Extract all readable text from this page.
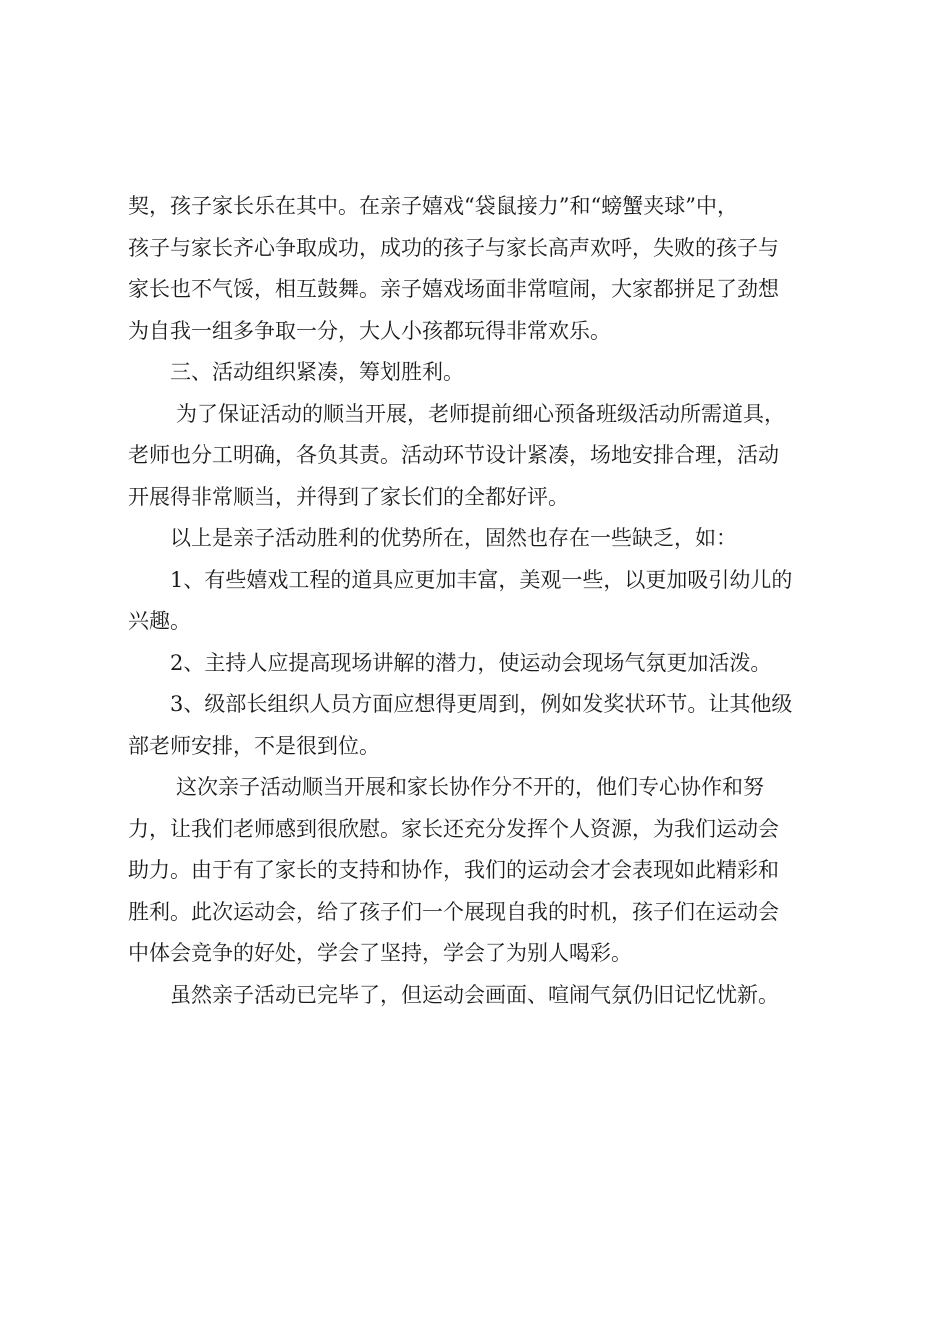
契，孩子家长乐在其中。在亲子嬉戏“袋鼠接力”和“螃蟹夹球”中，
孩子与家长齐心争取成功，成功的孩子与家长高声欢呼，失败的孩子与
家长也不气馁，相互鼓舞。亲子嬉戏场面非常喧闹，大家都拼足了劲想
为自我一组多争取一分，大人小孩都玩得非常欢乐。
三、活动组织紧凑，筹划胜利。
为了保证活动的顺当开展，老师提前细心预备班级活动所需道具，
老师也分工明确，各负其责。活动环节设计紧凑，场地安排合理，活动
开展得非常顺当，并得到了家长们的全都好评。
以上是亲子活动胜利的优势所在，固然也存在一些缺乏，如：
1、有些嬉戏工程的道具应更加丰富，美观一些，以更加吸引幼儿的
兴趣。
2、主持人应提高现场讲解的潜力，使运动会现场气氛更加活泼。
3、级部长组织人员方面应想得更周到，例如发奖状环节。让其他级
部老师安排，不是很到位。
这次亲子活动顺当开展和家长协作分不开的，他们专心协作和努
力，让我们老师感到很欣慰。家长还充分发挥个人资源，为我们运动会
助力。由于有了家长的支持和协作，我们的运动会才会表现如此精彩和
胜利。此次运动会，给了孩子们一个展现自我的时机，孩子们在运动会
中体会竞争的好处，学会了坚持，学会了为别人喝彩。
虽然亲子活动已完毕了，但运动会画面、喧闹气氛仍旧记忆忧新。
